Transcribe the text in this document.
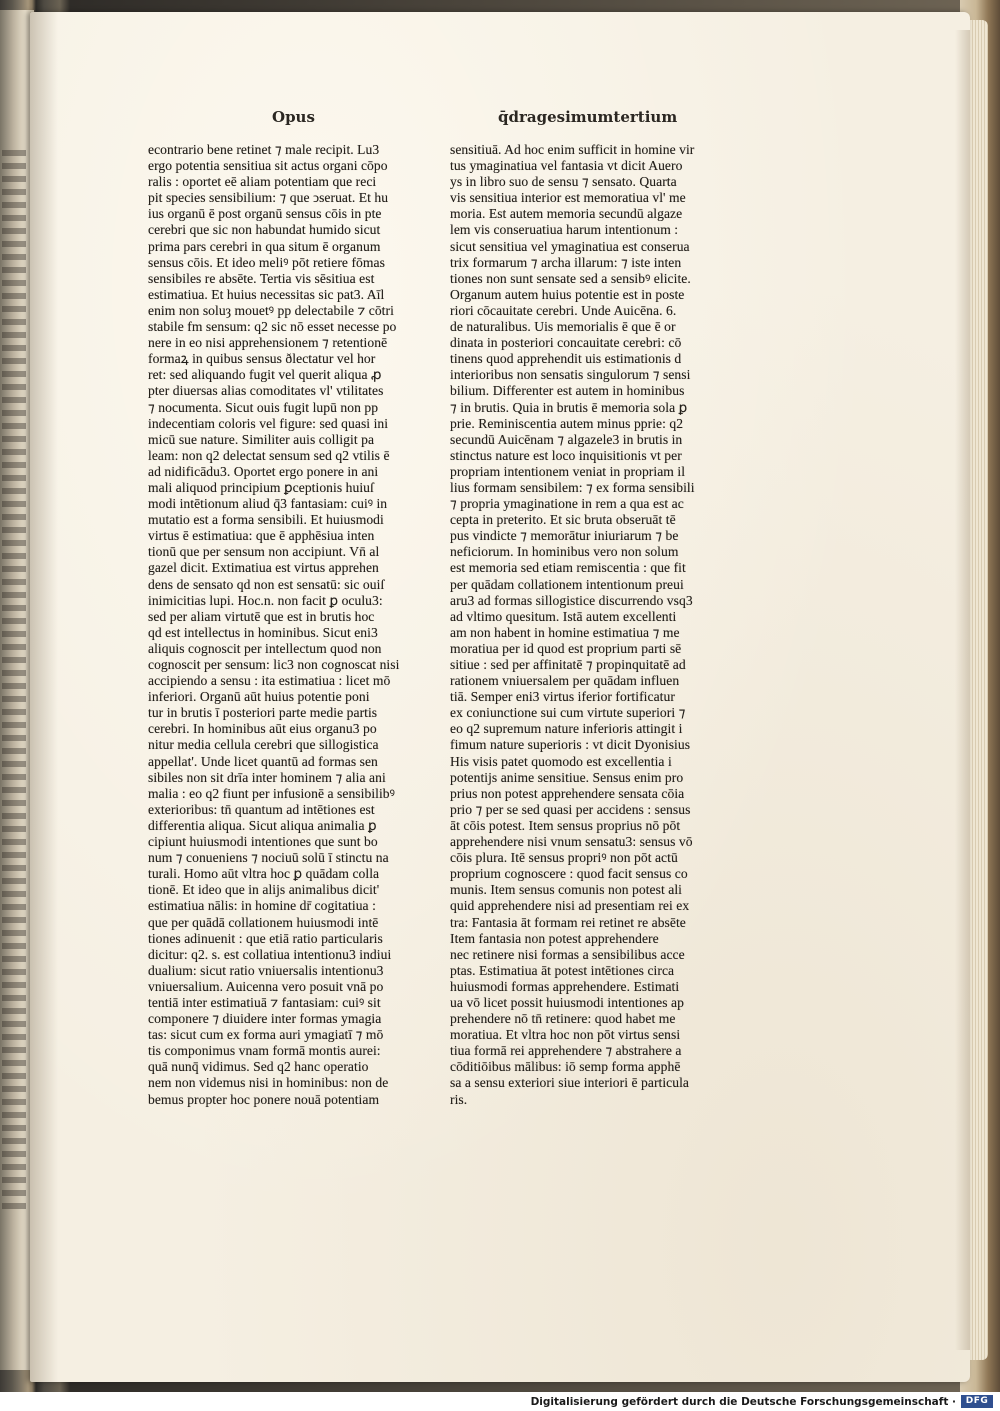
Opus	q̄dragesimumtertium
econtrario bene retinet ⁊ male recipit. Lu3
ergo potentia sensitiua sit actus organi cōpo
ralis : oportet eē aliam potentiam que reci
pit species sensibilium: ⁊ que ↄseruat. Et hu
ius organū ē post organū sensus cōis in pte
cerebri que sic non habundat humido sicut
prima pars cerebri in qua situm ē organum
sensus cōis. Et ideo meliꝰ pōt retiere fōmas
sensibiles re absēte. Tertia vis sēsitiua est
estimatiua. Et huius necessitas sic pat3. Aīl
enim non soluȝ mouetꝰ pp delectabile ⁊ cōtri
stabile fm sensum: q2 sic nō esset necesse po
nere in eo nisi apprehensionem ⁊ retentionē
formaꝝ in quibus sensus ðlectatur vel hor
ret: sed aliquando fugit vel querit aliqua ꝓ
pter diuersas alias comoditates vl' vtilitates
⁊ nocumenta. Sicut ouis fugit lupū non pp
indecentiam coloris vel figure: sed quasi ini
micū sue nature. Similiter auis colligit pa
leam: non q2 delectat sensum sed q2 vtilis ē
ad nidificādu3. Oportet ergo ponere in ani
mali aliquod principium ꝑceptionis huiuſ
modi intētionum aliud q̄3 fantasiam: cuiꝰ in
mutatio est a forma sensibili. Et huiusmodi
virtus ē estimatiua: que ē apphēsiua inten
tionū que per sensum non accipiunt. Vn̄ al
gazel dicit. Extimatiua est virtus apprehen
dens de sensato qd non est sensatū: sic ouiſ
inimicitias lupi. Hoc.n. non facit ꝑ oculu3:
sed per aliam virtutē que est in brutis hoc
qd est intellectus in hominibus. Sicut eni3
aliquis cognoscit per intellectum quod non
cognoscit per sensum: lic3 non cognoscat nisi
accipiendo a sensu : ita estimatiua : licet mō
inferiori. Organū aūt huius potentie poni
tur in brutis ī posteriori parte medie partis
cerebri. In hominibus aūt eius organu3 po
nitur media cellula cerebri que sillogistica
appellat'. Unde licet quantū ad formas sen
sibiles non sit drīa inter hominem ⁊ alia ani
malia : eo q2 fiunt per infusionē a sensibilibꝰ
exterioribus: tn̄ quantum ad intētiones est
differentia aliqua. Sicut aliqua animalia ꝑ
cipiunt huiusmodi intentiones que sunt bo
num ⁊ conueniens ⁊ nociuū solū ī stinctu na
turali. Homo aūt vltra hoc ꝑ quādam colla
tionē. Et ideo que in alijs animalibus dicit'
estimatiua nālis: in homine dr̄ cogitatiua :
que per quādā collationem huiusmodi intē
tiones adinuenit : que etiā ratio particularis
dicitur: q2. s. est collatiua intentionu3 indiui
dualium: sicut ratio vniuersalis intentionu3
vniuersalium. Auicenna vero posuit vnā po
tentiā inter estimatiuā ⁊ fantasiam: cuiꝰ sit
componere ⁊ diuidere inter formas ymagia
tas: sicut cum ex forma auri ymagiatī ⁊ mō
tis componimus vnam formā montis aurei:
quā nunq̄ vidimus. Sed q2 hanc operatio
nem non videmus nisi in hominibus: non de
bemus propter hoc ponere nouā potentiam
sensitiuā. Ad hoc enim sufficit in homine vir
tus ymaginatiua vel fantasia vt dicit Auero
ys in libro suo de sensu ⁊ sensato. Quarta
vis sensitiua interior est memoratiua vl' me
moria. Est autem memoria secundū algaze
lem vis conseruatiua harum intentionum :
sicut sensitiua vel ymaginatiua est conserua
trix formarum ⁊ archa illarum: ⁊ iste inten
tiones non sunt sensate sed a sensibꝰ elicite.
Organum autem huius potentie est in poste
riori cōcauitate cerebri. Unde Auicēna. 6.
de naturalibus. Uis memorialis ē que ē or
dinata in posteriori concauitate cerebri: cō
tinens quod apprehendit uis estimationis d
interioribus non sensatis singulorum ⁊ sensi
bilium. Differenter est autem in hominibus
⁊ in brutis. Quia in brutis ē memoria sola ꝑ
prie. Reminiscentia autem minus pprie: q2
secundū Auicēnam ⁊ algazele3 in brutis in
stinctus nature est loco inquisitionis vt per
propriam intentionem veniat in propriam il
lius formam sensibilem: ⁊ ex forma sensibili
⁊ propria ymaginatione in rem a qua est ac
cepta in preterito. Et sic bruta obseruāt tē
pus vindicte ⁊ memorātur iniuriarum ⁊ be
neficiorum. In hominibus vero non solum
est memoria sed etiam remiscentia : que fit
per quādam collationem intentionum preui
aru3 ad formas sillogistice discurrendo vsq3
ad vltimo quesitum. Istā autem excellenti
am non habent in homine estimatiua ⁊ me
moratiua per id quod est proprium parti sē
sitiue : sed per affinitatē ⁊ propinquitatē ad
rationem vniuersalem per quādam influen
tiā. Semper eni3 virtus iferior fortificatur
ex coniunctione sui cum virtute superiori ⁊
eo q2 supremum nature inferioris attingit i
fimum nature superioris : vt dicit Dyonisius
His visis patet quomodo est excellentia i
potentijs anime sensitiue. Sensus enim pro
prius non potest apprehendere sensata cōia
prio ⁊ per se sed quasi per accidens : sensus
āt cōis potest. Item sensus proprius nō pōt
apprehendere nisi vnum sensatu3: sensus vō
cōis plura. Itē sensus propriꝰ non pōt actū
proprium cognoscere : quod facit sensus co
munis. Item sensus comunis non potest ali
quid apprehendere nisi ad presentiam rei ex
tra: Fantasia āt formam rei retinet re absēte
Item fantasia non potest apprehendere
nec retinere nisi formas a sensibilibus acce
ptas. Estimatiua āt potest intētiones circa
huiusmodi formas apprehendere. Estimati
ua vō licet possit huiusmodi intentiones ap
prehendere nō tn̄ retinere: quod habet me
moratiua. Et vltra hoc non pōt virtus sensi
tiua formā rei apprehendere ⁊ abstrahere a
cōditiōibus mālibus: iō semp forma apphē
sa a sensu exteriori siue interiori ē particula
ris.
Digitalisierung gefördert durch die Deutsche Forschungsgemeinschaft ·	DFG
